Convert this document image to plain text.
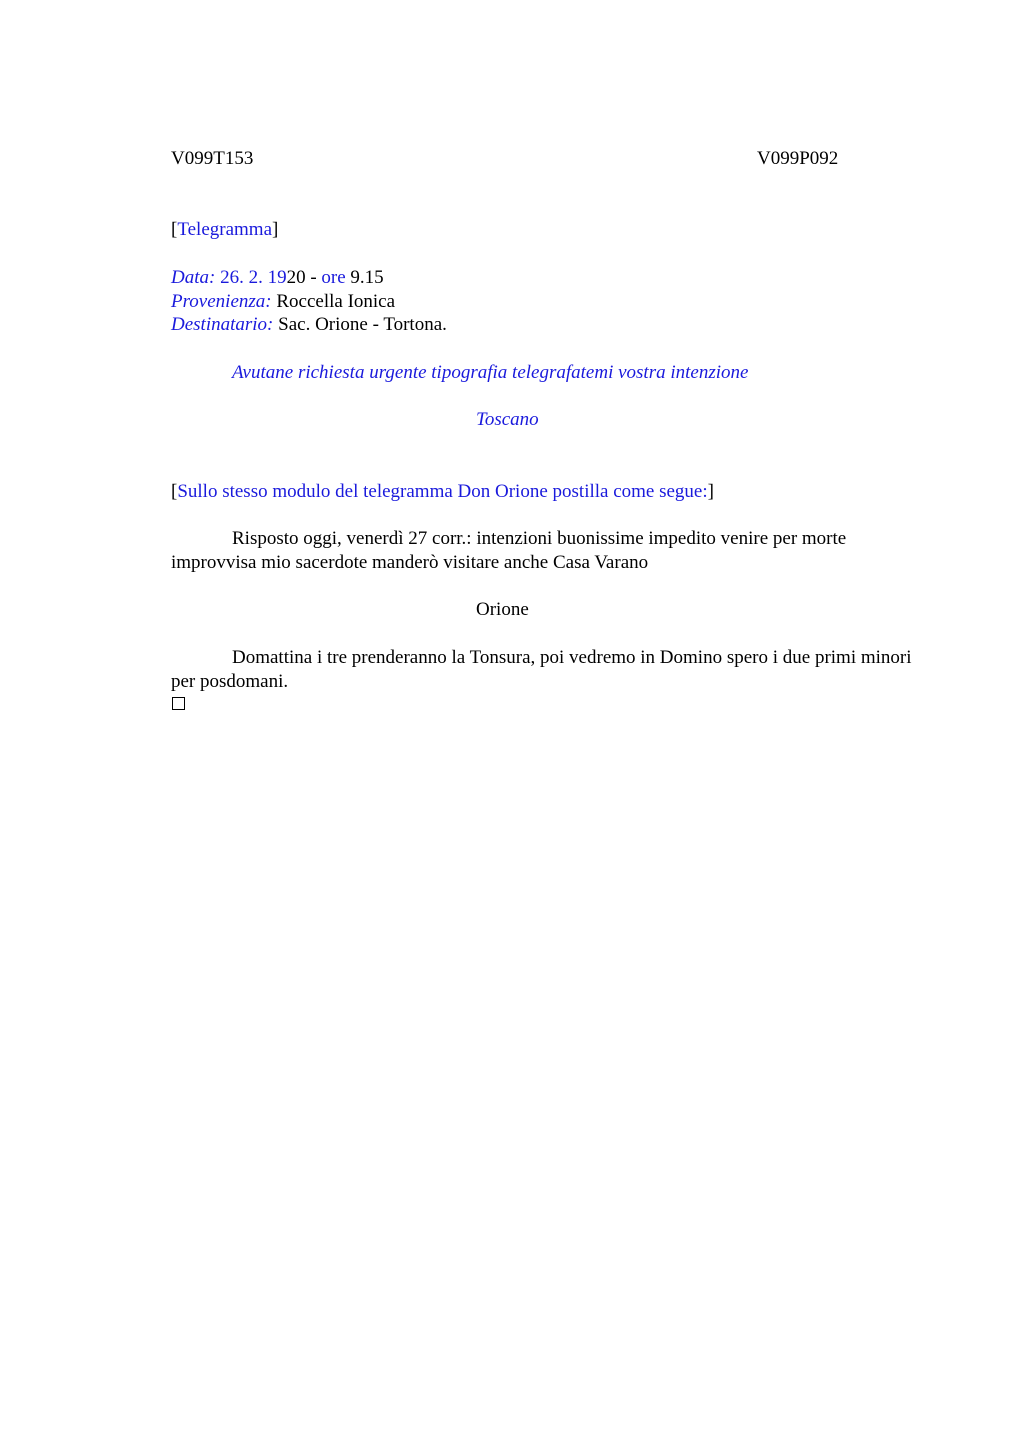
V099T153	V099P092
[Telegramma]
Data: 26. 2. 1920 - ore 9.15
Provenienza: Roccella Ionica
Destinatario: Sac. Orione - Tortona.
Avutane richiesta urgente tipografia telegrafatemi vostra intenzione
Toscano
[Sullo stesso modulo del telegramma Don Orione postilla come segue:]
Risposto oggi, venerdì 27 corr.: intenzioni buonissime impedito venire per morte improvvisa mio sacerdote manderò visitare anche Casa Varano
Orione
Domattina i tre prenderanno la Tonsura, poi vedremo in Domino spero i due primi minori per posdomani.
